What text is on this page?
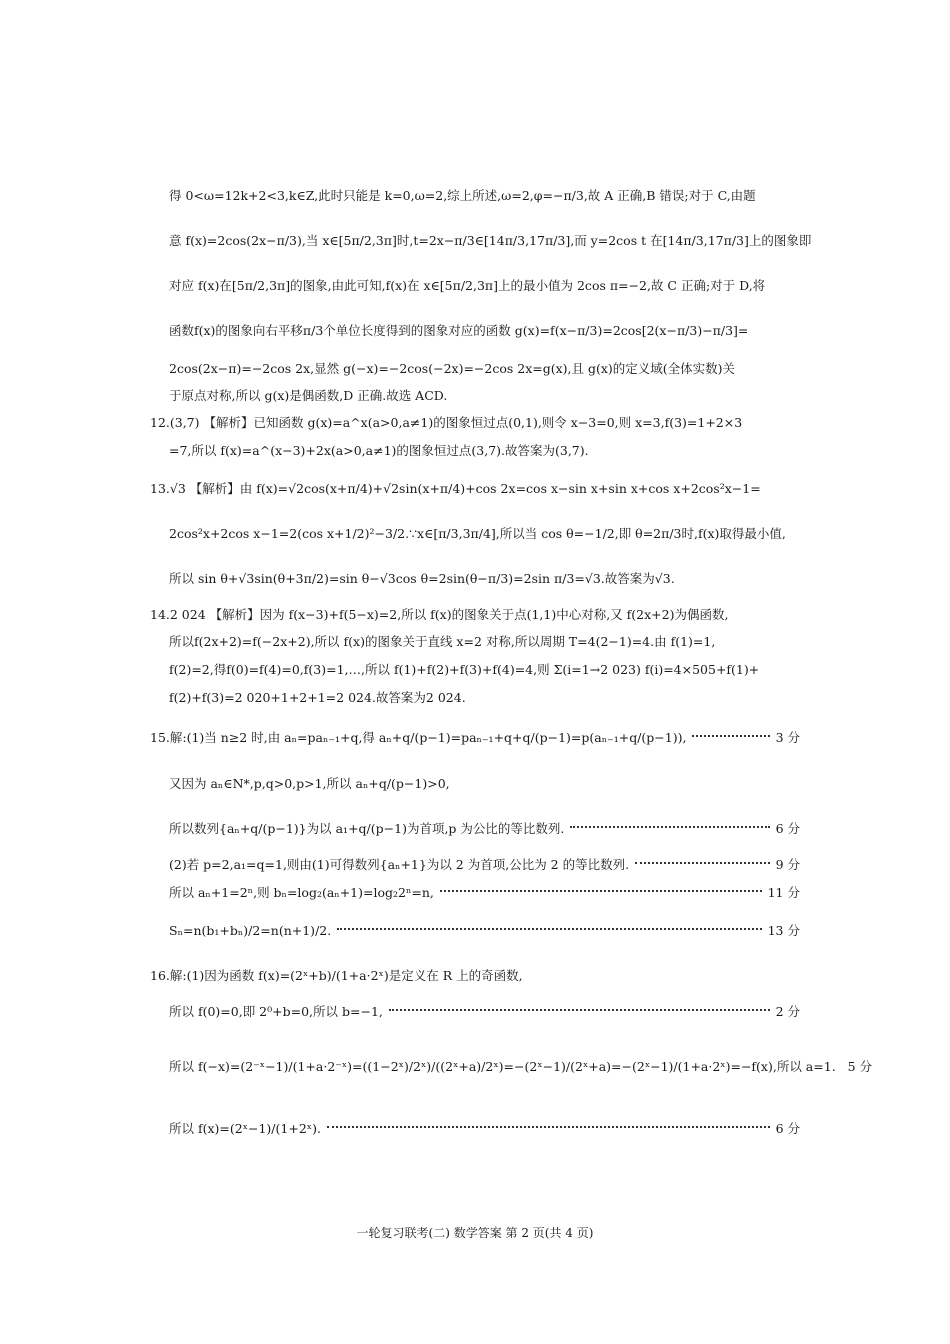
得 0<ω=12k+2<3,k∈Z,此时只能是 k=0,ω=2,综上所述,ω=2,φ=−π/3,故 A 正确,B 错误;对于 C,由题
意 f(x)=2cos(2x−π/3),当 x∈[5π/2,3π]时,t=2x−π/3∈[14π/3,17π/3],而 y=2cos t 在[14π/3,17π/3]上的图象即
对应 f(x)在[5π/2,3π]的图象,由此可知,f(x)在 x∈[5π/2,3π]上的最小值为 2cos π=−2,故 C 正确;对于 D,将
函数f(x)的图象向右平移π/3个单位长度得到的图象对应的函数 g(x)=f(x−π/3)=2cos[2(x−π/3)−π/3]=
2cos(2x−π)=−2cos 2x,显然 g(−x)=−2cos(−2x)=−2cos 2x=g(x),且 g(x)的定义域(全体实数)关
于原点对称,所以 g(x)是偶函数,D 正确.故选 ACD.
12.(3,7) 【解析】已知函数 g(x)=a^x(a>0,a≠1)的图象恒过点(0,1),则令 x−3=0,则 x=3,f(3)=1+2×3
=7,所以 f(x)=a^(x−3)+2x(a>0,a≠1)的图象恒过点(3,7).故答案为(3,7).
13.√3 【解析】由 f(x)=√2cos(x+π/4)+√2sin(x+π/4)+cos 2x=cos x−sin x+sin x+cos x+2cos²x−1=
2cos²x+2cos x−1=2(cos x+1/2)²−3/2.∵x∈[π/3,3π/4],所以当 cos θ=−1/2,即 θ=2π/3时,f(x)取得最小值,
所以 sin θ+√3sin(θ+3π/2)=sin θ−√3cos θ=2sin(θ−π/3)=2sin π/3=√3.故答案为√3.
14.2 024 【解析】因为 f(x−3)+f(5−x)=2,所以 f(x)的图象关于点(1,1)中心对称,又 f(2x+2)为偶函数,
所以f(2x+2)=f(−2x+2),所以 f(x)的图象关于直线 x=2 对称,所以周期 T=4(2−1)=4.由 f(1)=1,
f(2)=2,得f(0)=f(4)=0,f(3)=1,…,所以 f(1)+f(2)+f(3)+f(4)=4,则 Σ(i=1→2 023) f(i)=4×505+f(1)+
f(2)+f(3)=2 020+1+2+1=2 024.故答案为2 024.
15.解:(1)当 n≥2 时,由 aₙ=paₙ₋₁+q,得 aₙ+q/(p−1)=paₙ₋₁+q+q/(p−1)=p(aₙ₋₁+q/(p−1)),	3 分
又因为 aₙ∈N*,p,q>0,p>1,所以 aₙ+q/(p−1)>0,
所以数列{aₙ+q/(p−1)}为以 a₁+q/(p−1)为首项,p 为公比的等比数列.	6 分
(2)若 p=2,a₁=q=1,则由(1)可得数列{aₙ+1}为以 2 为首项,公比为 2 的等比数列.	9 分
所以 aₙ+1=2ⁿ,则 bₙ=log₂(aₙ+1)=log₂2ⁿ=n,	11 分
Sₙ=n(b₁+bₙ)/2=n(n+1)/2.	13 分
16.解:(1)因为函数 f(x)=(2ˣ+b)/(1+a·2ˣ)是定义在 R 上的奇函数,
所以 f(0)=0,即 2⁰+b=0,所以 b=−1,	2 分
所以 f(−x)=(2⁻ˣ−1)/(1+a·2⁻ˣ)=((1−2ˣ)/2ˣ)/((2ˣ+a)/2ˣ)=−(2ˣ−1)/(2ˣ+a)=−(2ˣ−1)/(1+a·2ˣ)=−f(x),所以 a=1. 5 分
所以 f(x)=(2ˣ−1)/(1+2ˣ).	6 分
一轮复习联考(二) 数学答案 第 2 页(共 4 页)
